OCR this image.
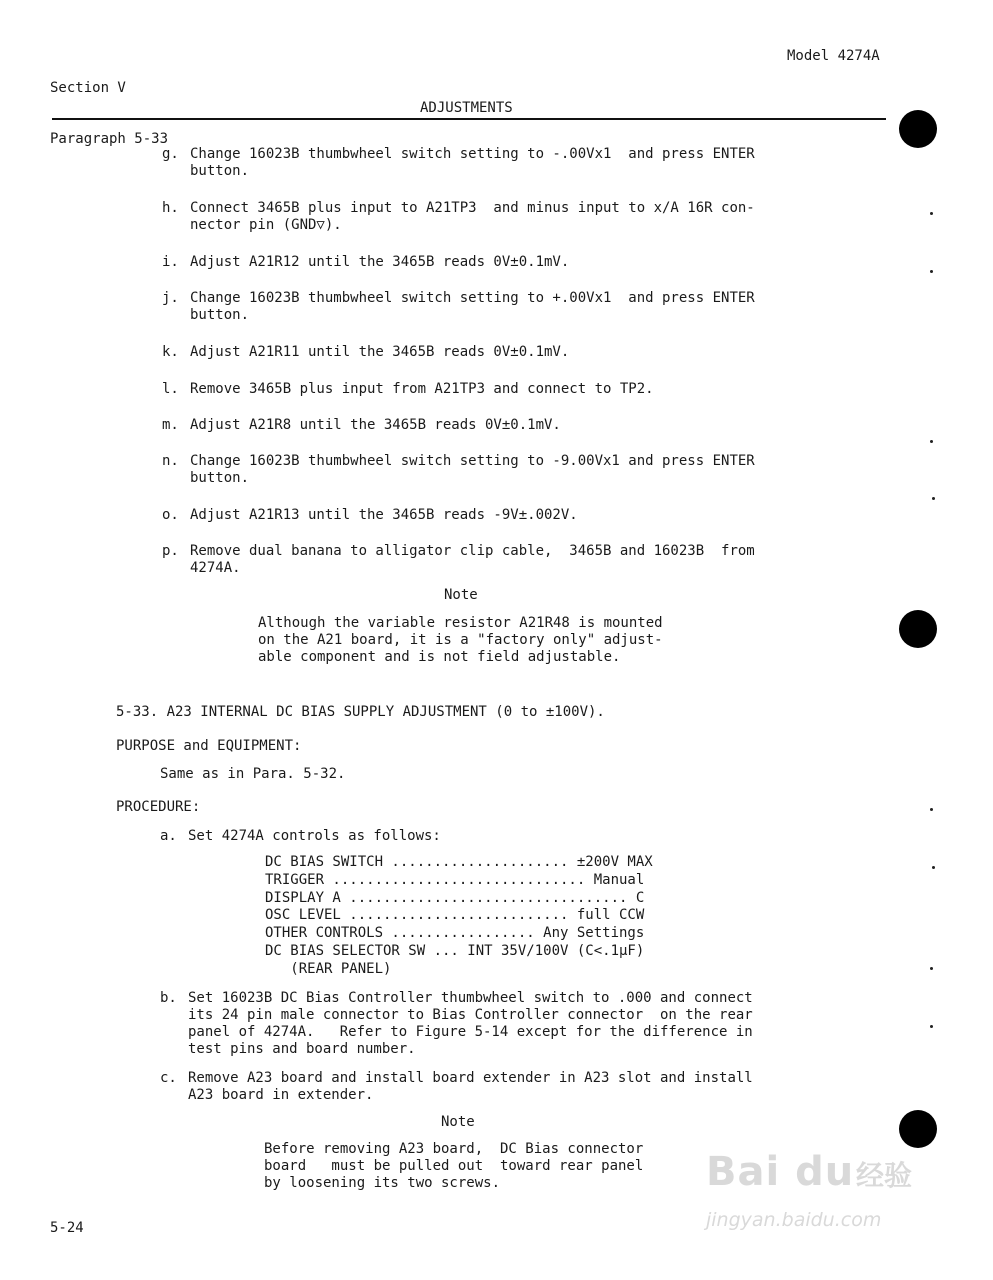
Section V

Paragraph 5-33

Model 4274A
ADJUSTMENTS
g. Change 16023B thumbwheel switch setting to -.00Vx1  and press ENTER
button.
h. Connect 3465B plus input to A21TP3  and minus input to x/A 16R con-
nector pin (GND▽).
i. Adjust A21R12 until the 3465B reads 0V±0.1mV.
j. Change 16023B thumbwheel switch setting to +.00Vx1  and press ENTER
button.
k. Adjust A21R11 until the 3465B reads 0V±0.1mV.
l. Remove 3465B plus input from A21TP3 and connect to TP2.
m. Adjust A21R8 until the 3465B reads 0V±0.1mV.
n. Change 16023B thumbwheel switch setting to -9.00Vx1 and press ENTER
button.
o. Adjust A21R13 until the 3465B reads -9V±.002V.
p. Remove dual banana to alligator clip cable,  3465B and 16023B  from
4274A.
Note
Although the variable resistor A21R48 is mounted
on the A21 board, it is a "factory only" adjust-
able component and is not field adjustable.
5-33. A23 INTERNAL DC BIAS SUPPLY ADJUSTMENT (0 to ±100V).
PURPOSE and EQUIPMENT:
Same as in Para. 5-32.
PROCEDURE:
a. Set 4274A controls as follows:
DC BIAS SWITCH ..................... ±200V MAX
TRIGGER .............................. Manual
DISPLAY A ................................. C
OSC LEVEL .......................... full CCW
OTHER CONTROLS ................. Any Settings
DC BIAS SELECTOR SW ... INT 35V/100V (C<.1μF)
(REAR PANEL)
b. Set 16023B DC Bias Controller thumbwheel switch to .000 and connect
its 24 pin male connector to Bias Controller connector  on the rear
panel of 4274A.   Refer to Figure 5-14 except for the difference in
test pins and board number.
c. Remove A23 board and install board extender in A23 slot and install
A23 board in extender.
Note
Before removing A23 board,  DC Bias connector
board   must be pulled out  toward rear panel
by loosening its two screws.
5-24
Bai du 经验
jingyan.baidu.com
